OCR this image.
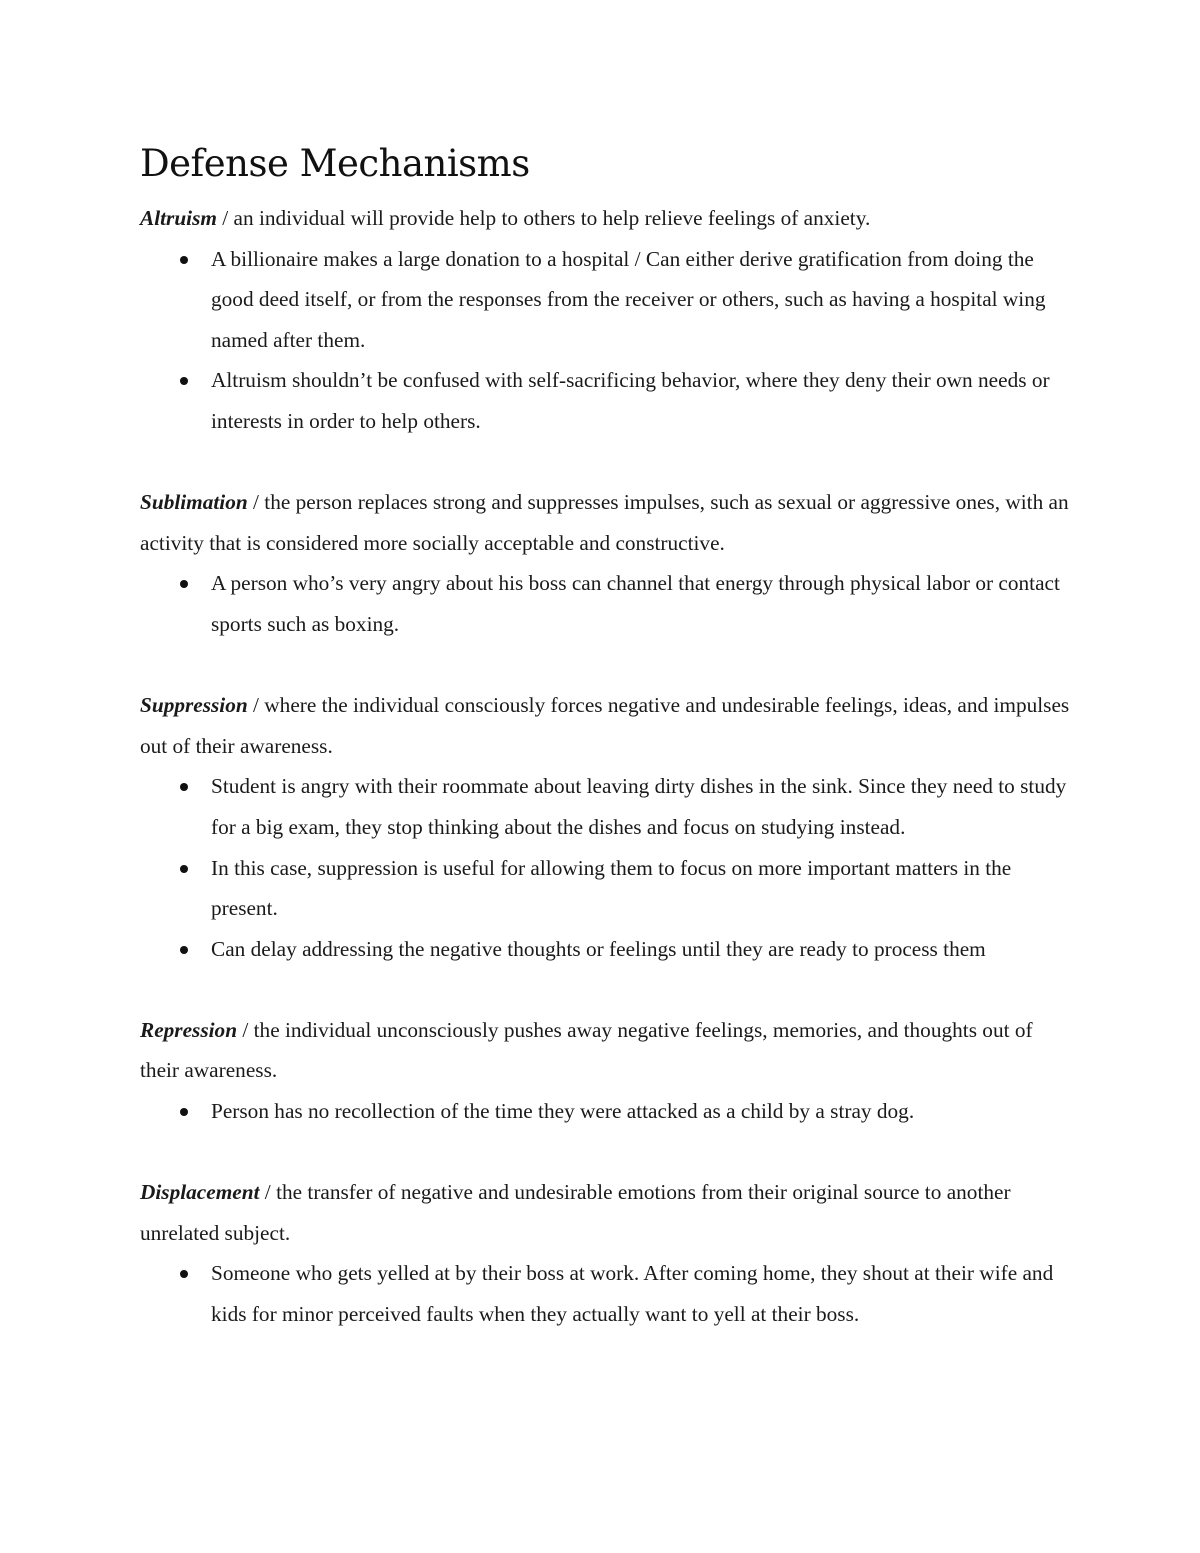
Defense Mechanisms

Altruism / an individual will provide help to others to help relieve feelings of anxiety.

A billionaire makes a large donation to a hospital / Can either derive gratification from doing the good deed itself, or from the responses from the receiver or others, such as having a hospital wing named after them.
Altruism shouldn’t be confused with self-sacrificing behavior, where they deny their own needs or interests in order to help others.

Sublimation / the person replaces strong and suppresses impulses, such as sexual or aggressive ones, with an activity that is considered more socially acceptable and constructive.

A person who’s very angry about his boss can channel that energy through physical labor or contact sports such as boxing.

Suppression / where the individual consciously forces negative and undesirable feelings, ideas, and impulses out of their awareness.

Student is angry with their roommate about leaving dirty dishes in the sink. Since they need to study for a big exam, they stop thinking about the dishes and focus on studying instead.
In this case, suppression is useful for allowing them to focus on more important matters in the present.
Can delay addressing the negative thoughts or feelings until they are ready to process them

Repression / the individual unconsciously pushes away negative feelings, memories, and thoughts out of their awareness.

Person has no recollection of the time they were attacked as a child by a stray dog.

Displacement / the transfer of negative and undesirable emotions from their original source to another unrelated subject.

Someone who gets yelled at by their boss at work. After coming home, they shout at their wife and kids for minor perceived faults when they actually want to yell at their boss.
